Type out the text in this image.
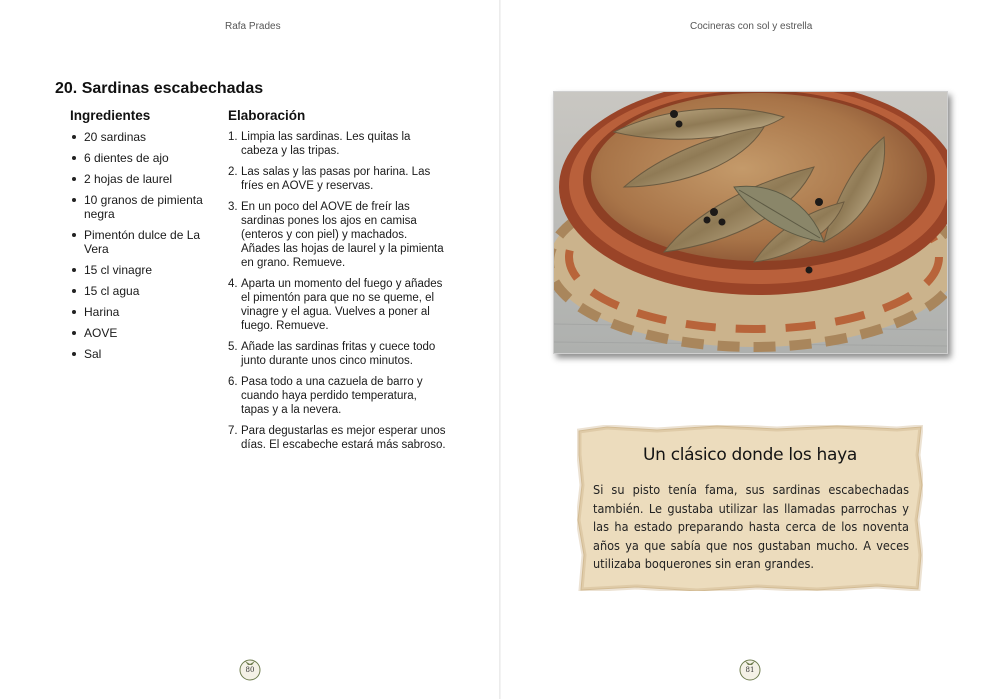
Rafa Prades	Cocineras con sol y estrella
20. Sardinas escabechadas
Ingredientes
20 sardinas
6 dientes de ajo
2 hojas de laurel
10 granos de pimienta negra
Pimentón dulce de La Vera
15 cl vinagre
15 cl agua
Harina
AOVE
Sal
Elaboración
1. Limpia las sardinas. Les quitas la cabeza y las tripas.
2. Las salas y las pasas por harina. Las fríes en AOVE y reservas.
3. En un poco del AOVE de freír las sardinas pones los ajos en camisa (enteros y con piel) y machados. Añades las hojas de laurel y la pimienta en grano. Remueve.
4. Aparta un momento del fuego y añades el pimentón para que no se queme, el vinagre y el agua. Vuelves a poner al fuego. Remueve.
5. Añade las sardinas fritas y cuece todo junto durante unos cinco minutos.
6. Pasa todo a una cazuela de barro y cuando haya perdido temperatura, tapas y a la nevera.
7. Para degustarlas es mejor esperar unos días. El escabeche estará más sabroso.	Un clásico donde los haya
Si su pisto tenía fama, sus sardinas escabechadas también. Le gustaba utilizar las llamadas parrochas y las ha estado preparando hasta cerca de los noventa años ya que sabía que nos gustaban mucho. A veces utilizaba boquerones sin eran grandes.
80	81
